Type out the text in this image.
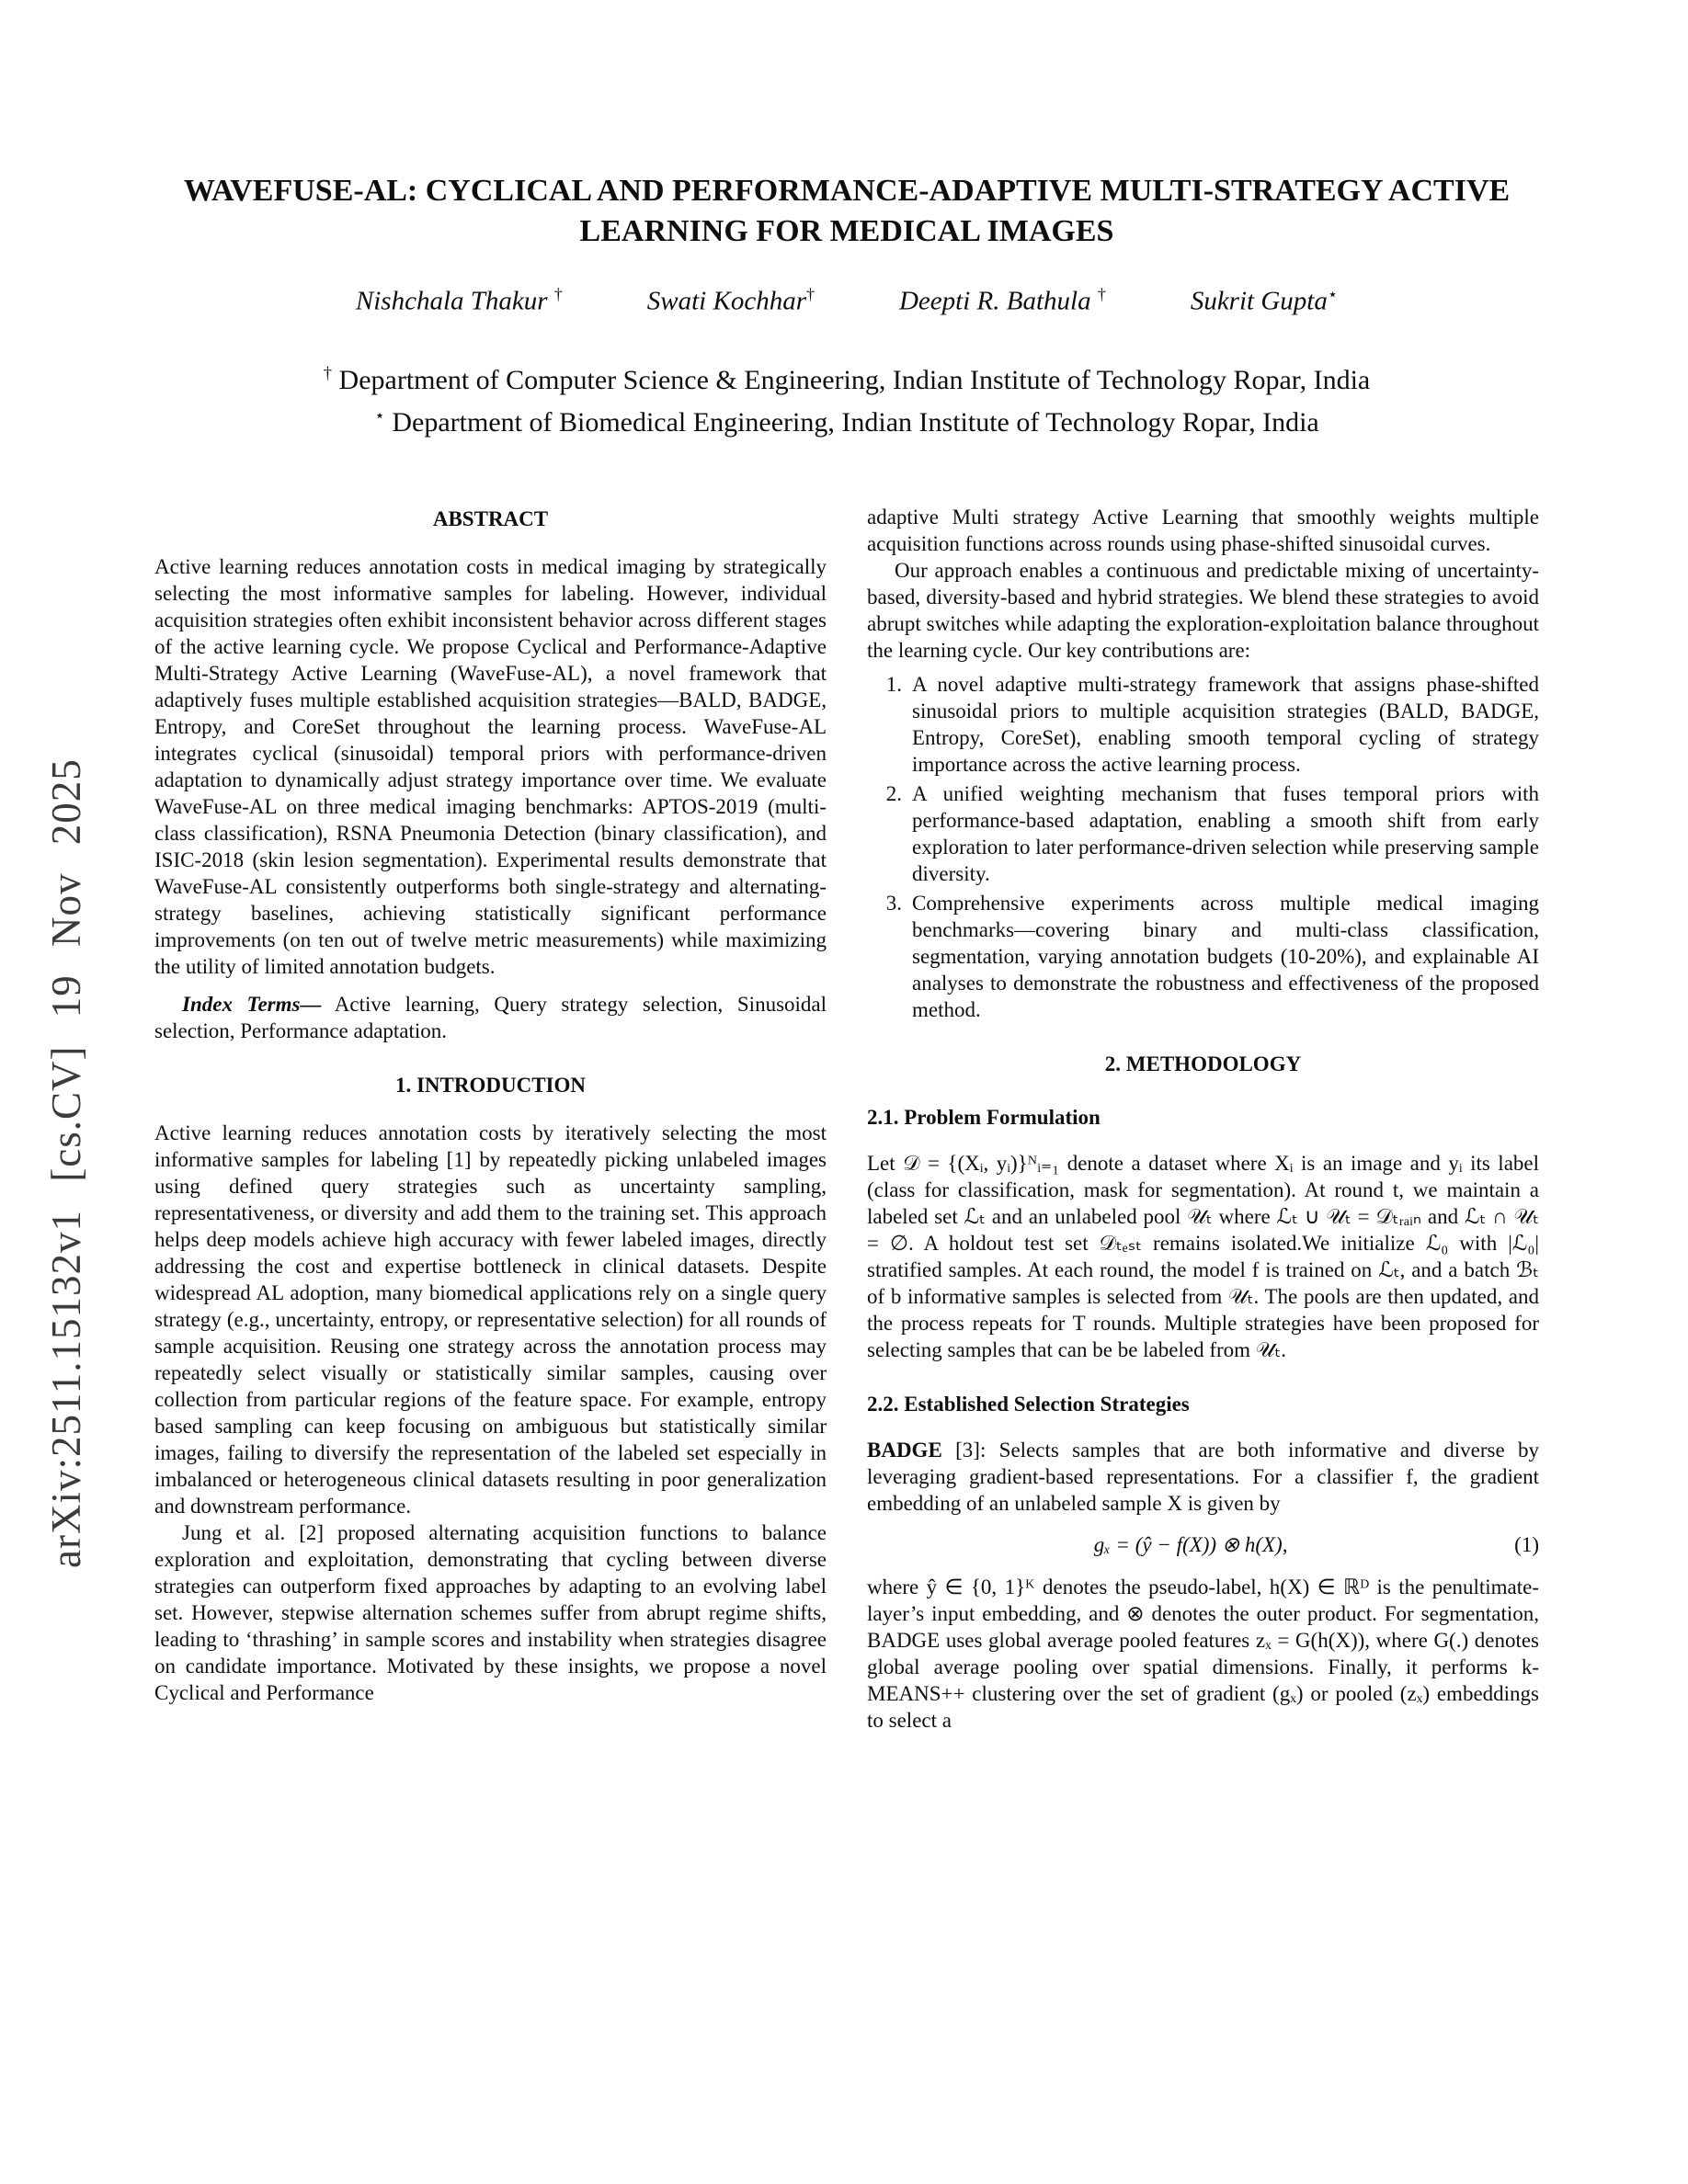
arXiv:2511.15132v1 [cs.CV] 19 Nov 2025
WAVEFUSE-AL: CYCLICAL AND PERFORMANCE-ADAPTIVE MULTI-STRATEGY ACTIVE LEARNING FOR MEDICAL IMAGES
Nishchala Thakur †	Swati Kochhar†	Deepti R. Bathula †	Sukrit Gupta⋆
† Department of Computer Science & Engineering, Indian Institute of Technology Ropar, India
⋆ Department of Biomedical Engineering, Indian Institute of Technology Ropar, India
ABSTRACT

Active learning reduces annotation costs in medical imaging by strategically selecting the most informative samples for labeling. However, individual acquisition strategies often exhibit inconsistent behavior across different stages of the active learning cycle. We propose Cyclical and Performance-Adaptive Multi-Strategy Active Learning (WaveFuse-AL), a novel framework that adaptively fuses multiple established acquisition strategies—BALD, BADGE, Entropy, and CoreSet throughout the learning process. WaveFuse-AL integrates cyclical (sinusoidal) temporal priors with performance-driven adaptation to dynamically adjust strategy importance over time. We evaluate WaveFuse-AL on three medical imaging benchmarks: APTOS-2019 (multi-class classification), RSNA Pneumonia Detection (binary classification), and ISIC-2018 (skin lesion segmentation). Experimental results demonstrate that WaveFuse-AL consistently outperforms both single-strategy and alternating-strategy baselines, achieving statistically significant performance improvements (on ten out of twelve metric measurements) while maximizing the utility of limited annotation budgets.

Index Terms— Active learning, Query strategy selection, Sinusoidal selection, Performance adaptation.

1. INTRODUCTION

Active learning reduces annotation costs by iteratively selecting the most informative samples for labeling [1] by repeatedly picking unlabeled images using defined query strategies such as uncertainty sampling, representativeness, or diversity and add them to the training set. This approach helps deep models achieve high accuracy with fewer labeled images, directly addressing the cost and expertise bottleneck in clinical datasets. Despite widespread AL adoption, many biomedical applications rely on a single query strategy (e.g., uncertainty, entropy, or representative selection) for all rounds of sample acquisition. Reusing one strategy across the annotation process may repeatedly select visually or statistically similar samples, causing over collection from particular regions of the feature space. For example, entropy based sampling can keep focusing on ambiguous but statistically similar images, failing to diversify the representation of the labeled set especially in imbalanced or heterogeneous clinical datasets resulting in poor generalization and downstream performance.

Jung et al. [2] proposed alternating acquisition functions to balance exploration and exploitation, demonstrating that cycling between diverse strategies can outperform fixed approaches by adapting to an evolving label set. However, stepwise alternation schemes suffer from abrupt regime shifts, leading to ‘thrashing’ in sample scores and instability when strategies disagree on candidate importance. Motivated by these insights, we propose a novel Cyclical and Performance

adaptive Multi strategy Active Learning that smoothly weights multiple acquisition functions across rounds using phase-shifted sinusoidal curves.

Our approach enables a continuous and predictable mixing of uncertainty-based, diversity-based and hybrid strategies. We blend these strategies to avoid abrupt switches while adapting the exploration-exploitation balance throughout the learning cycle. Our key contributions are:

1. A novel adaptive multi-strategy framework that assigns phase-shifted sinusoidal priors to multiple acquisition strategies (BALD, BADGE, Entropy, CoreSet), enabling smooth temporal cycling of strategy importance across the active learning process.
2. A unified weighting mechanism that fuses temporal priors with performance-based adaptation, enabling a smooth shift from early exploration to later performance-driven selection while preserving sample diversity.
3. Comprehensive experiments across multiple medical imaging benchmarks—covering binary and multi-class classification, segmentation, varying annotation budgets (10-20%), and explainable AI analyses to demonstrate the robustness and effectiveness of the proposed method.
2. METHODOLOGY
2.1. Problem Formulation

Let 𝒟 = {(Xᵢ, yᵢ)}ᴺᵢ₌₁ denote a dataset where Xᵢ is an image and yᵢ its label (class for classification, mask for segmentation). At round t, we maintain a labeled set ℒₜ and an unlabeled pool 𝒰ₜ where ℒₜ ∪ 𝒰ₜ = 𝒟ₜᵣₐᵢₙ and ℒₜ ∩ 𝒰ₜ = ∅. A holdout test set 𝒟ₜₑₛₜ remains isolated.We initialize ℒ₀ with |ℒ₀| stratified samples. At each round, the model f is trained on ℒₜ, and a batch ℬₜ of b informative samples is selected from 𝒰ₜ. The pools are then updated, and the process repeats for T rounds. Multiple strategies have been proposed for selecting samples that can be be labeled from 𝒰ₜ.

2.2. Established Selection Strategies

BADGE [3]: Selects samples that are both informative and diverse by leveraging gradient-based representations. For a classifier f, the gradient embedding of an unlabeled sample X is given by

gₓ = (ŷ − f(X)) ⊗ h(X),	(1)

where ŷ ∈ {0, 1}ᴷ denotes the pseudo-label, h(X) ∈ ℝᴰ is the penultimate-layer’s input embedding, and ⊗ denotes the outer product. For segmentation, BADGE uses global average pooled features zₓ = G(h(X)), where G(.) denotes global average pooling over spatial dimensions. Finally, it performs k-MEANS++ clustering over the set of gradient (gₓ) or pooled (zₓ) embeddings to select a
